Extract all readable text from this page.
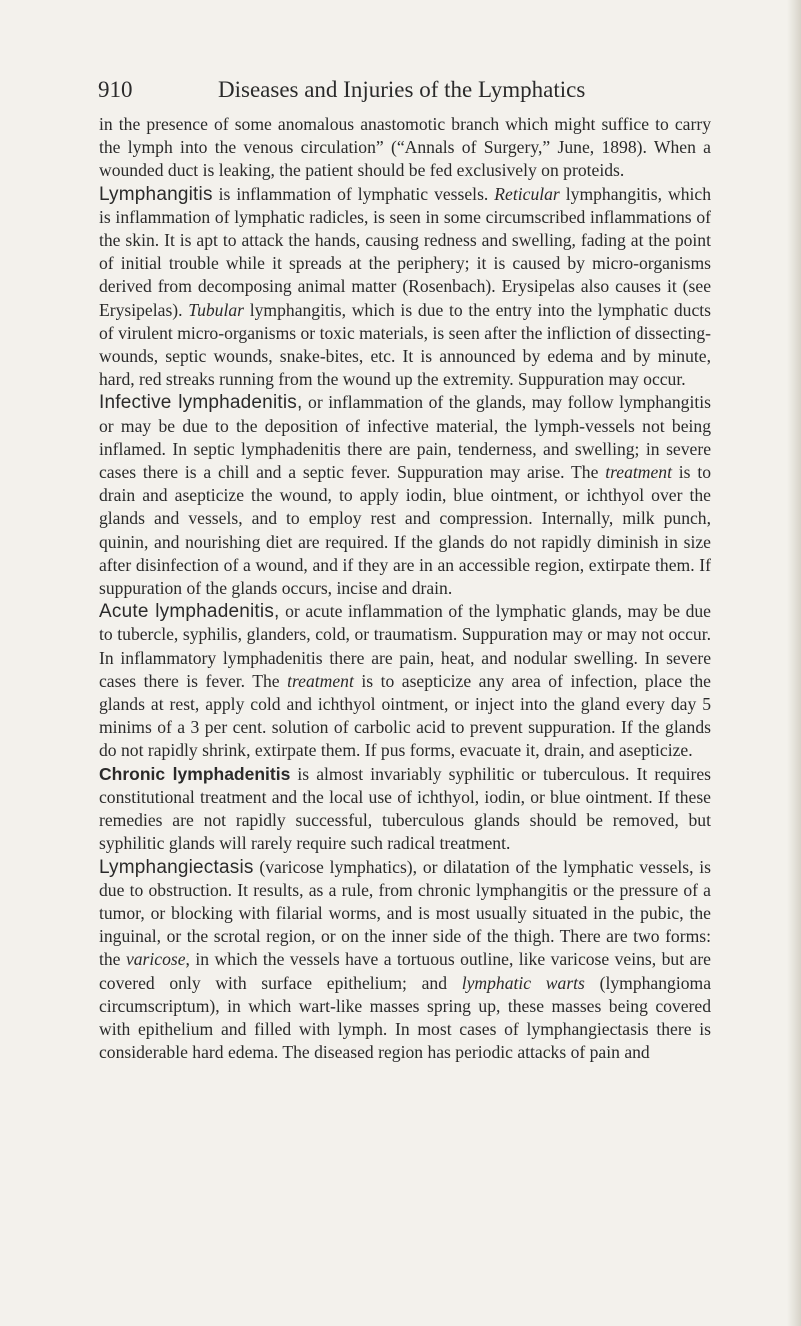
910	Diseases and Injuries of the Lymphatics

in the presence of some anomalous anastomotic branch which might suffice to carry the lymph into the venous circulation” (“Annals of Surgery,” June, 1898). When a wounded duct is leaking, the patient should be fed exclusively on proteids.

Lymphangitis is inflammation of lymphatic vessels. Reticular lymphangitis, which is inflammation of lymphatic radicles, is seen in some circumscribed inflammations of the skin. It is apt to attack the hands, causing redness and swelling, fading at the point of initial trouble while it spreads at the periphery; it is caused by micro-organisms derived from decomposing animal matter (Rosenbach). Erysipelas also causes it (see Erysipelas). Tubular lymphangitis, which is due to the entry into the lymphatic ducts of virulent micro-organisms or toxic materials, is seen after the infliction of dissecting-wounds, septic wounds, snake-bites, etc. It is announced by edema and by minute, hard, red streaks running from the wound up the extremity. Suppuration may occur.

Infective lymphadenitis, or inflammation of the glands, may follow lymphangitis or may be due to the deposition of infective material, the lymph-vessels not being inflamed. In septic lymphadenitis there are pain, tenderness, and swelling; in severe cases there is a chill and a septic fever. Suppuration may arise. The treatment is to drain and asepticize the wound, to apply iodin, blue ointment, or ichthyol over the glands and vessels, and to employ rest and compression. Internally, milk punch, quinin, and nourishing diet are required. If the glands do not rapidly diminish in size after disinfection of a wound, and if they are in an accessible region, extirpate them. If suppuration of the glands occurs, incise and drain.

Acute lymphadenitis, or acute inflammation of the lymphatic glands, may be due to tubercle, syphilis, glanders, cold, or traumatism. Suppuration may or may not occur. In inflammatory lymphadenitis there are pain, heat, and nodular swelling. In severe cases there is fever. The treatment is to asepticize any area of infection, place the glands at rest, apply cold and ichthyol ointment, or inject into the gland every day 5 minims of a 3 per cent. solution of carbolic acid to prevent suppuration. If the glands do not rapidly shrink, extirpate them. If pus forms, evacuate it, drain, and asepticize.

Chronic lymphadenitis is almost invariably syphilitic or tuberculous. It requires constitutional treatment and the local use of ichthyol, iodin, or blue ointment. If these remedies are not rapidly successful, tuberculous glands should be removed, but syphilitic glands will rarely require such radical treatment.

Lymphangiectasis (varicose lymphatics), or dilatation of the lymphatic vessels, is due to obstruction. It results, as a rule, from chronic lymphangitis or the pressure of a tumor, or blocking with filarial worms, and is most usually situated in the pubic, the inguinal, or the scrotal region, or on the inner side of the thigh. There are two forms: the varicose, in which the vessels have a tortuous outline, like varicose veins, but are covered only with surface epithelium; and lymphatic warts (lymphangioma circumscriptum), in which wart-like masses spring up, these masses being covered with epithelium and filled with lymph. In most cases of lymphangiectasis there is considerable hard edema. The diseased region has periodic attacks of pain and
